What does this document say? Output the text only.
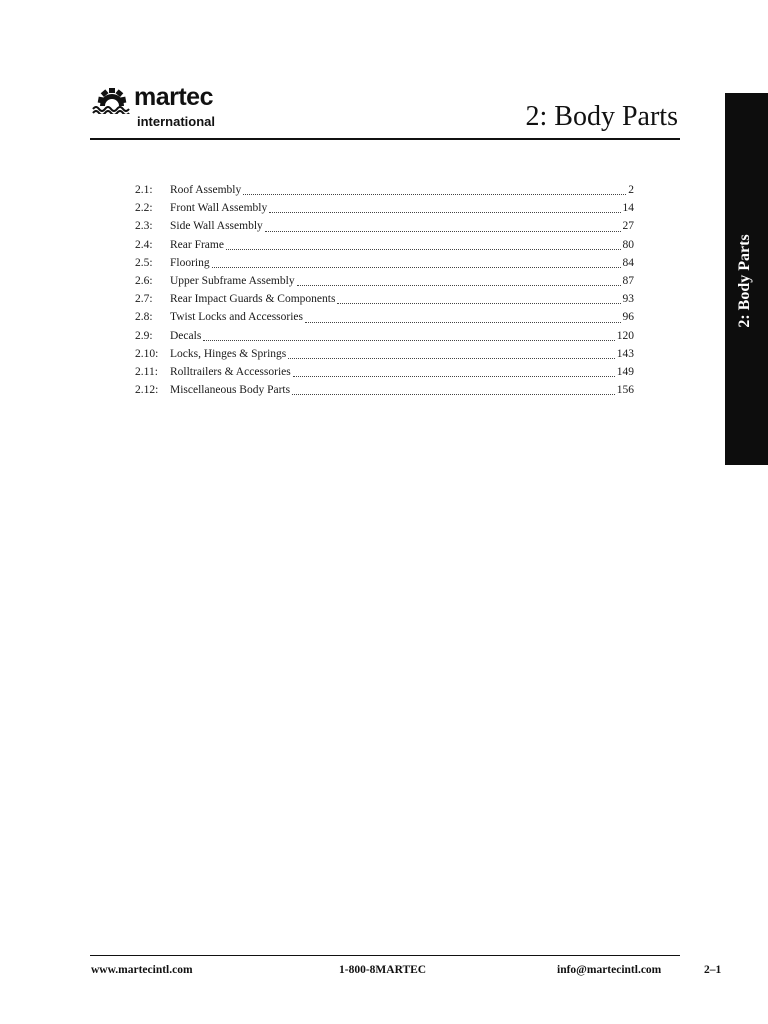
martec
international	2: Body Parts
2: Body Parts
2.1:	Roof Assembly	2
2.2:	Front Wall Assembly	14
2.3:	Side Wall Assembly	27
2.4:	Rear Frame	80
2.5:	Flooring	84
2.6:	Upper Subframe Assembly	87
2.7:	Rear Impact Guards & Components	93
2.8:	Twist Locks and Accessories	96
2.9:	Decals	120
2.10:	Locks, Hinges & Springs	143
2.11:	Rolltrailers & Accessories	149
2.12:	Miscellaneous Body Parts	156
www.martecintl.com	1-800-8MARTEC	info@martecintl.com	2–1
